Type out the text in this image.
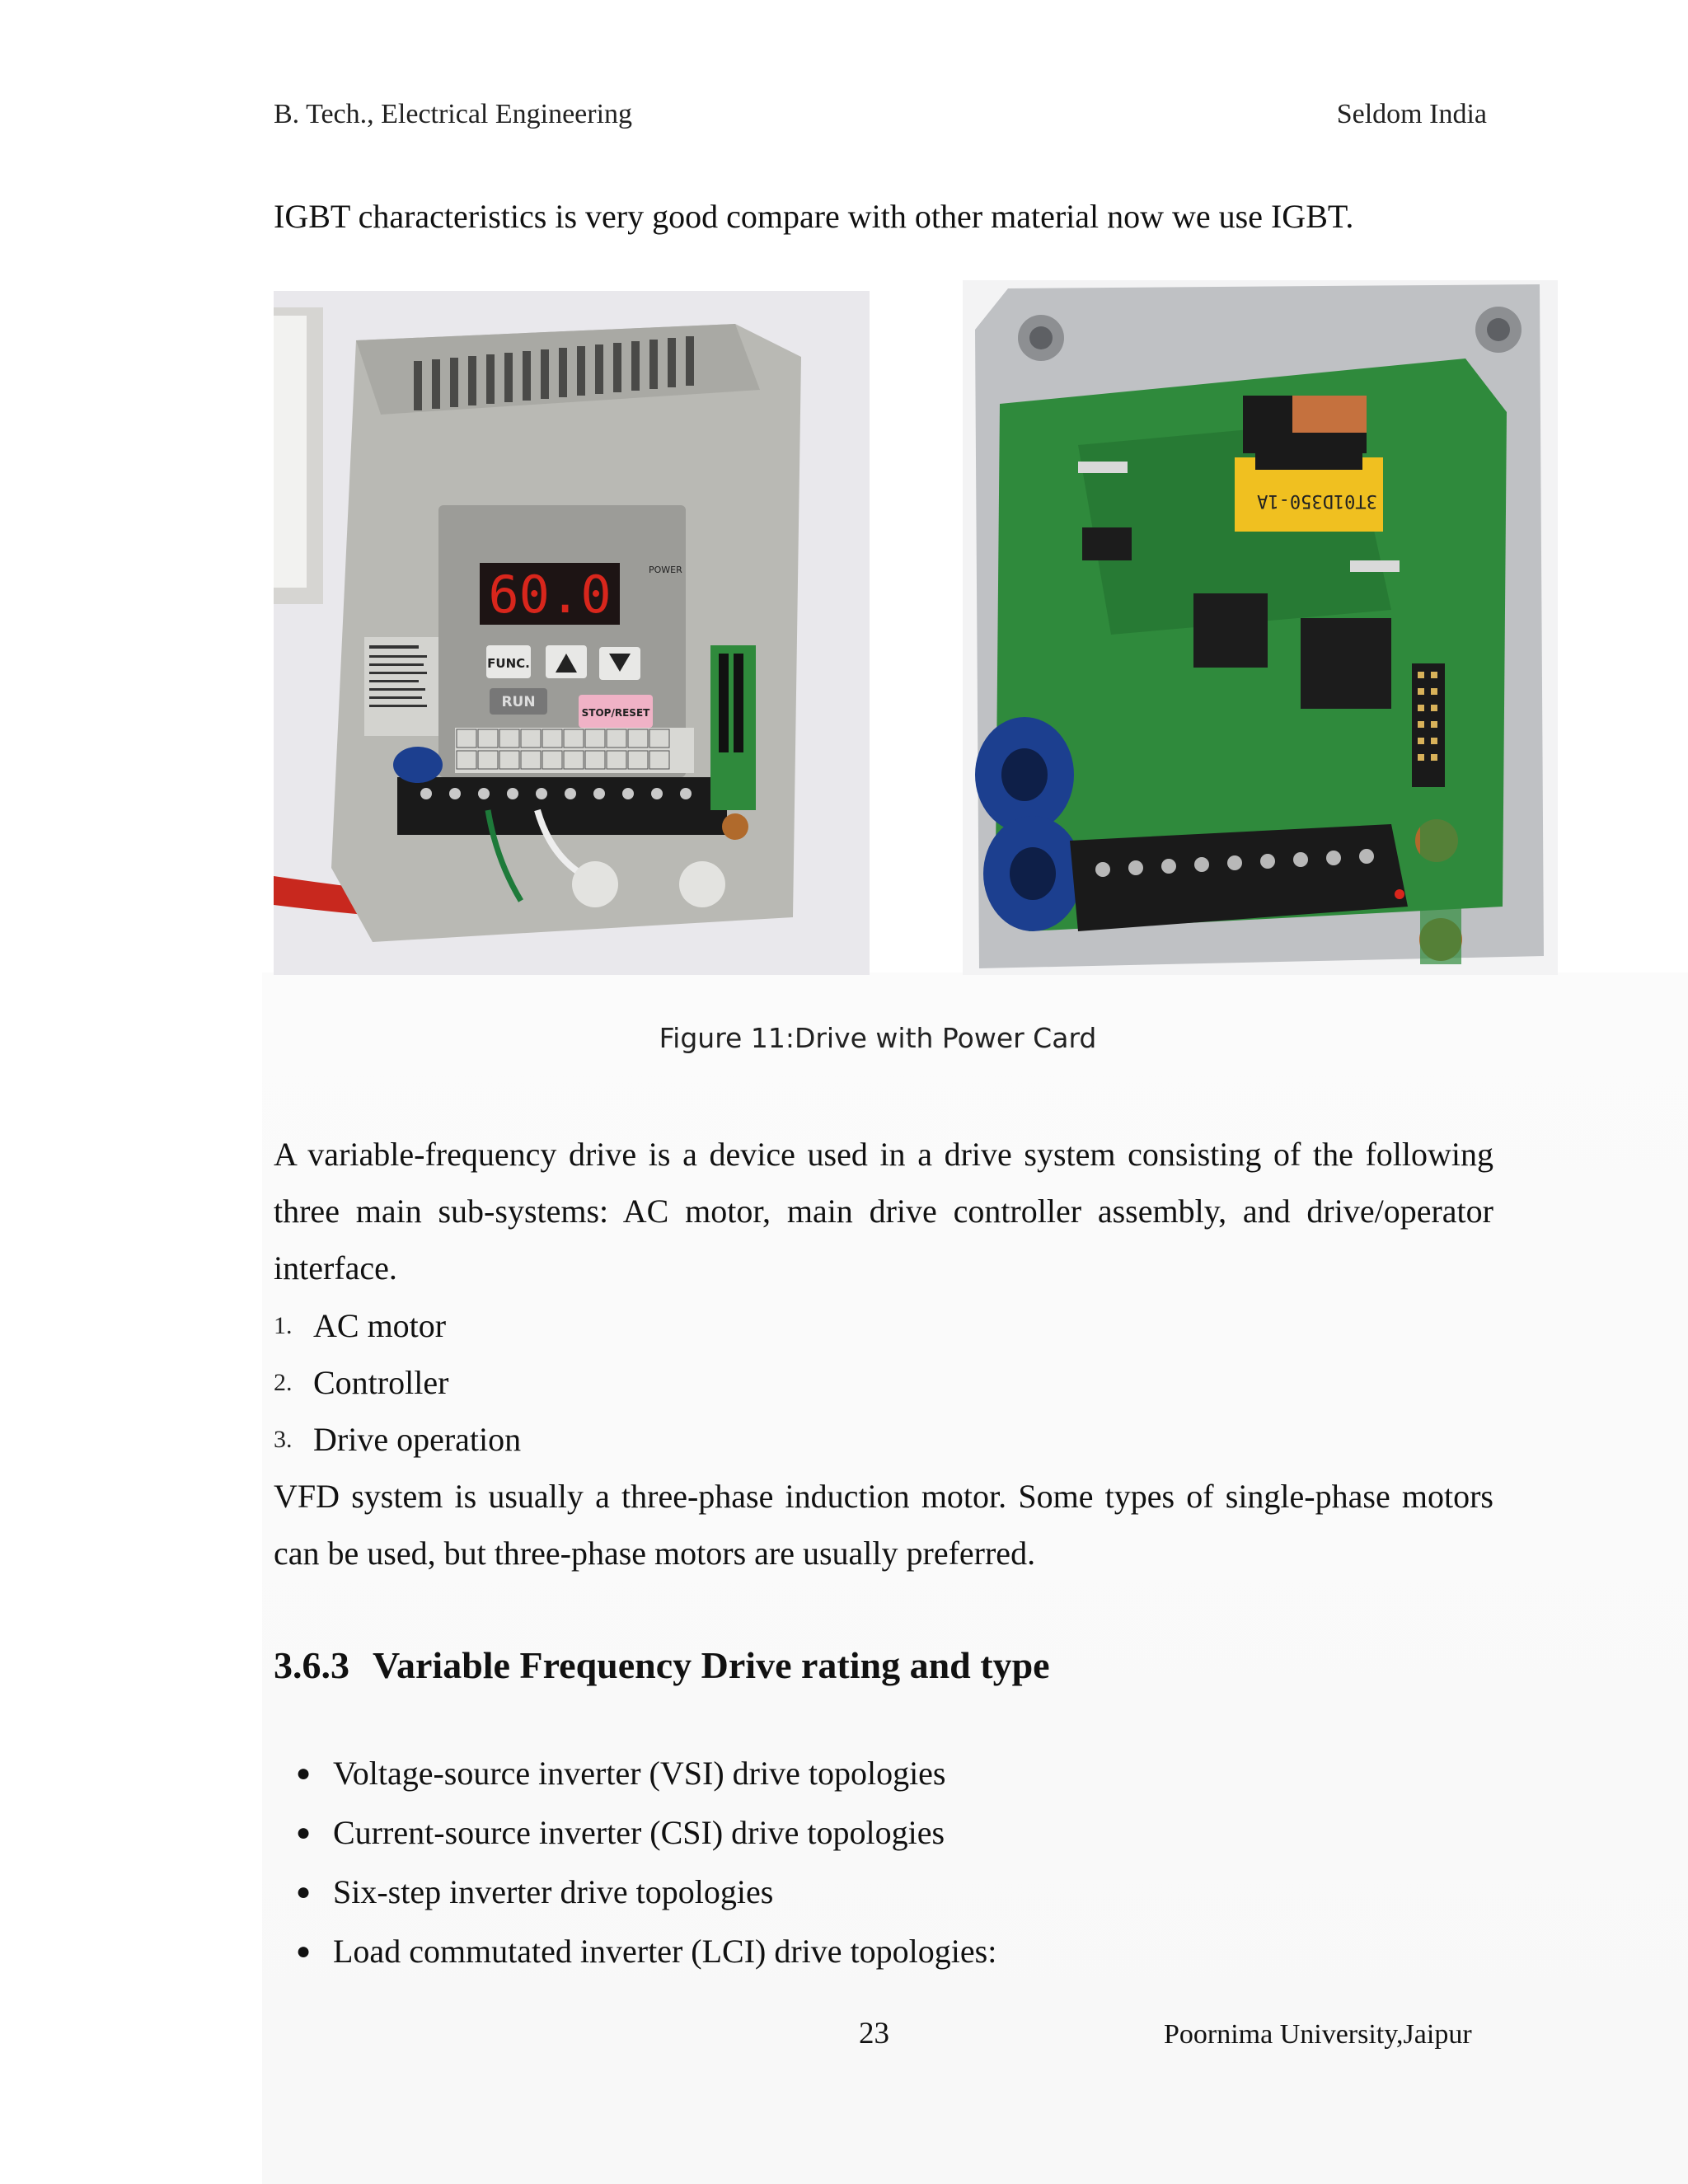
B. Tech., Electrical Engineering	Seldom India
IGBT characteristics is very good compare with other material now we use IGBT.
60.0	POWER
FUNC.
RUN
STOP/RESET
3T01D350-1A
Figure 11:Drive with Power Card
A variable-frequency drive is a device used in a drive system consisting of the following
three main sub-systems: AC motor, main drive controller assembly, and drive/operator
interface.
1. AC motor
2. Controller
3. Drive operation
VFD system is usually a three-phase induction motor. Some types of single-phase motors
can be used, but three-phase motors are usually preferred.
3.6.3 Variable Frequency Drive rating and type
● Voltage-source inverter (VSI) drive topologies
● Current-source inverter (CSI) drive topologies
● Six-step inverter drive topologies
● Load commutated inverter (LCI) drive topologies:
23	Poornima University,Jaipur
